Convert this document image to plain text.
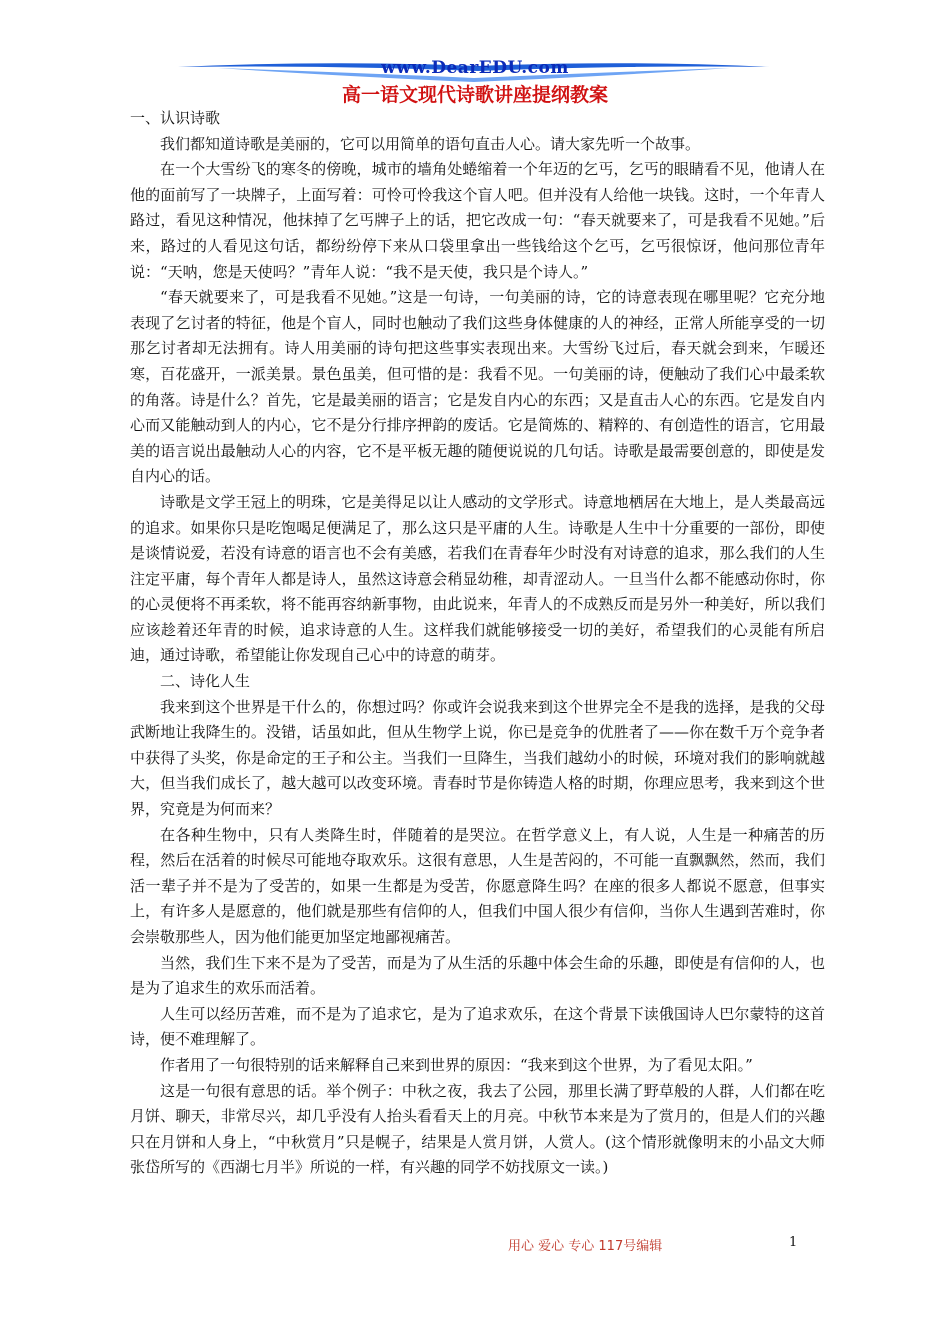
www.DearEDU.com
高一语文现代诗歌讲座提纲教案

一、认识诗歌

我们都知道诗歌是美丽的，它可以用简单的语句直击人心。请大家先听一个故事。

在一个大雪纷飞的寒冬的傍晚，城市的墙角处蜷缩着一个年迈的乞丐，乞丐的眼睛看不见，他请人在他的面前写了一块牌子，上面写着：可怜可怜我这个盲人吧。但并没有人给他一块钱。这时，一个年青人路过，看见这种情况，他抹掉了乞丐牌子上的话，把它改成一句：“春天就要来了，可是我看不见她。”后来，路过的人看见这句话，都纷纷停下来从口袋里拿出一些钱给这个乞丐，乞丐很惊讶，他问那位青年说：“天呐，您是天使吗？”青年人说：“我不是天使，我只是个诗人。”

“春天就要来了，可是我看不见她。”这是一句诗，一句美丽的诗，它的诗意表现在哪里呢？它充分地表现了乞讨者的特征，他是个盲人，同时也触动了我们这些身体健康的人的神经，正常人所能享受的一切那乞讨者却无法拥有。诗人用美丽的诗句把这些事实表现出来。大雪纷飞过后，春天就会到来，乍暖还寒，百花盛开，一派美景。景色虽美，但可惜的是：我看不见。一句美丽的诗，便触动了我们心中最柔软的角落。诗是什么？首先，它是最美丽的语言；它是发自内心的东西；又是直击人心的东西。它是发自内心而又能触动到人的内心，它不是分行排序押韵的废话。它是简炼的、精粹的、有创造性的语言，它用最美的语言说出最触动人心的内容，它不是平板无趣的随便说说的几句话。诗歌是最需要创意的，即使是发自内心的话。

诗歌是文学王冠上的明珠，它是美得足以让人感动的文学形式。诗意地栖居在大地上，是人类最高远的追求。如果你只是吃饱喝足便满足了，那么这只是平庸的人生。诗歌是人生中十分重要的一部份，即使是谈情说爱，若没有诗意的语言也不会有美感，若我们在青春年少时没有对诗意的追求，那么我们的人生注定平庸，每个青年人都是诗人，虽然这诗意会稍显幼稚，却青涩动人。一旦当什么都不能感动你时，你的心灵便将不再柔软，将不能再容纳新事物，由此说来，年青人的不成熟反而是另外一种美好，所以我们应该趁着还年青的时候，追求诗意的人生。这样我们就能够接受一切的美好，希望我们的心灵能有所启迪，通过诗歌，希望能让你发现自己心中的诗意的萌芽。

二、诗化人生

我来到这个世界是干什么的，你想过吗？你或许会说我来到这个世界完全不是我的选择，是我的父母武断地让我降生的。没错，话虽如此，但从生物学上说，你已是竞争的优胜者了——你在数千万个竞争者中获得了头奖，你是命定的王子和公主。当我们一旦降生，当我们越幼小的时候，环境对我们的影响就越大，但当我们成长了，越大越可以改变环境。青春时节是你铸造人格的时期，你理应思考，我来到这个世界，究竟是为何而来？

在各种生物中，只有人类降生时，伴随着的是哭泣。在哲学意义上，有人说，人生是一种痛苦的历程，然后在活着的时候尽可能地夺取欢乐。这很有意思，人生是苦闷的，不可能一直飘飘然，然而，我们活一辈子并不是为了受苦的，如果一生都是为受苦，你愿意降生吗？在座的很多人都说不愿意，但事实上，有许多人是愿意的，他们就是那些有信仰的人，但我们中国人很少有信仰，当你人生遇到苦难时，你会崇敬那些人，因为他们能更加坚定地鄙视痛苦。

当然，我们生下来不是为了受苦，而是为了从生活的乐趣中体会生命的乐趣，即使是有信仰的人，也是为了追求生的欢乐而活着。

人生可以经历苦难，而不是为了追求它，是为了追求欢乐，在这个背景下读俄国诗人巴尔蒙特的这首诗，便不难理解了。

作者用了一句很特别的话来解释自己来到世界的原因：“我来到这个世界，为了看见太阳。”

这是一句很有意思的话。举个例子：中秋之夜，我去了公园，那里长满了野草般的人群，人们都在吃月饼、聊天，非常尽兴，却几乎没有人抬头看看天上的月亮。中秋节本来是为了赏月的，但是人们的兴趣只在月饼和人身上，“中秋赏月”只是幌子，结果是人赏月饼，人赏人。(这个情形就像明末的小品文大师张岱所写的《西湖七月半》所说的一样，有兴趣的同学不妨找原文一读。)

用心 爱心 专心 117号编辑	1
